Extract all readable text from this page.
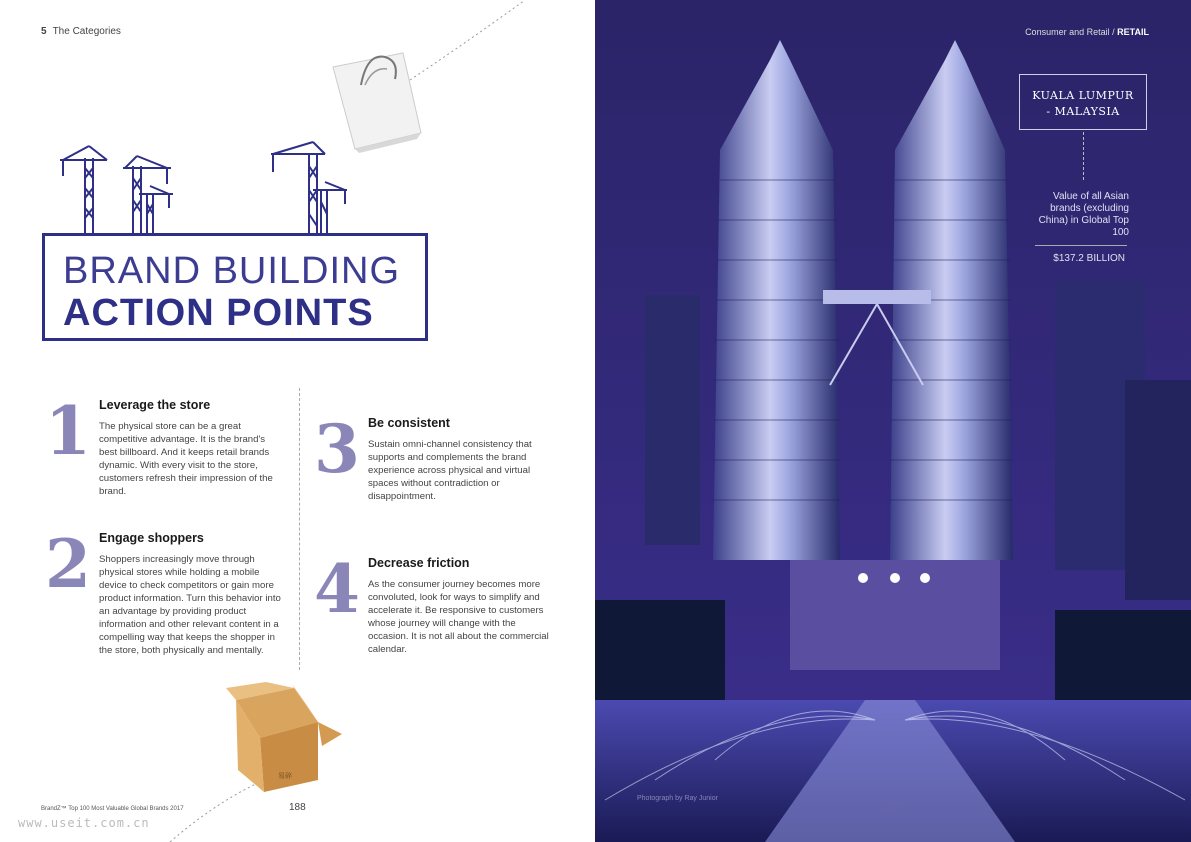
5 The Categories
BRAND BUILDING
ACTION POINTS
1 Leverage the store
The physical store can be a great competitive advantage. It is the brand's best billboard. And it keeps retail brands dynamic. With every visit to the store, customers refresh their impression of the brand.
2 Engage shoppers
Shoppers increasingly move through physical stores while holding a mobile device to check competitors or gain more product information. Turn this behavior into an advantage by providing product information and other relevant content in a compelling way that keeps the shopper in the store, both physically and mentally.
3 Be consistent
Sustain omni-channel consistency that supports and complements the brand experience across physical and virtual spaces without contradiction or disappointment.
4 Decrease friction
As the consumer journey becomes more convoluted, look for ways to simplify and accelerate it. Be responsive to customers whose journey will change with the occasion. It is not all about the commercial calendar.
易碎
BrandZ™ Top 100 Most Valuable Global Brands 2017	188
www.useit.com.cn
Consumer and Retail / RETAIL
KUALA LUMPUR
- MALAYSIA
Value of all Asian brands (excluding China) in Global Top 100
$137.2 BILLION
Photograph by Ray Junior
189
